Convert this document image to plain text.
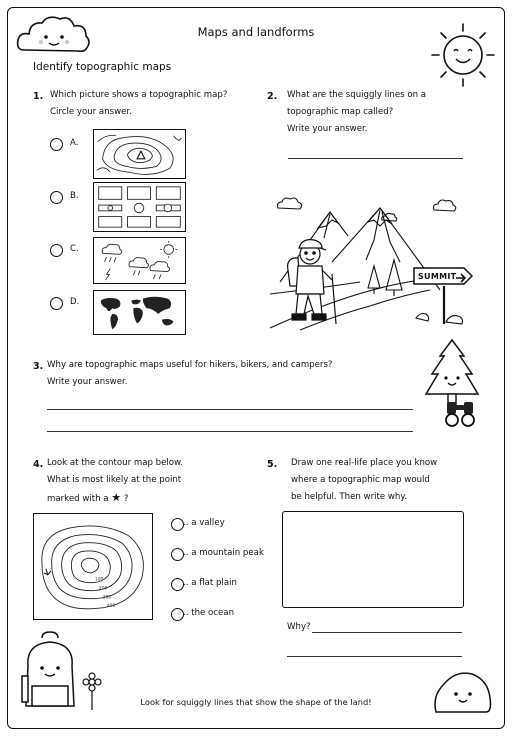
Maps and landforms
Identify topographic maps
1. Which picture shows a topographic map?
Circle your answer.
A.
B.
C.
D.
2. What are the squiggly lines on a
topographic map called?
Write your answer.
SUMMIT
3. Why are topographic maps useful for hikers, bikers, and campers?
Write your answer.
4. Look at the contour map below.
What is most likely at the point
marked with a ★ ?
100
200
300
400
.. a valley
.. a mountain peak
.. a flat plain
.. the ocean
5. Draw one real-life place you know
where a topographic map would
be helpful. Then write why.
Why?
Look for squiggly lines that show the shape of the land!
